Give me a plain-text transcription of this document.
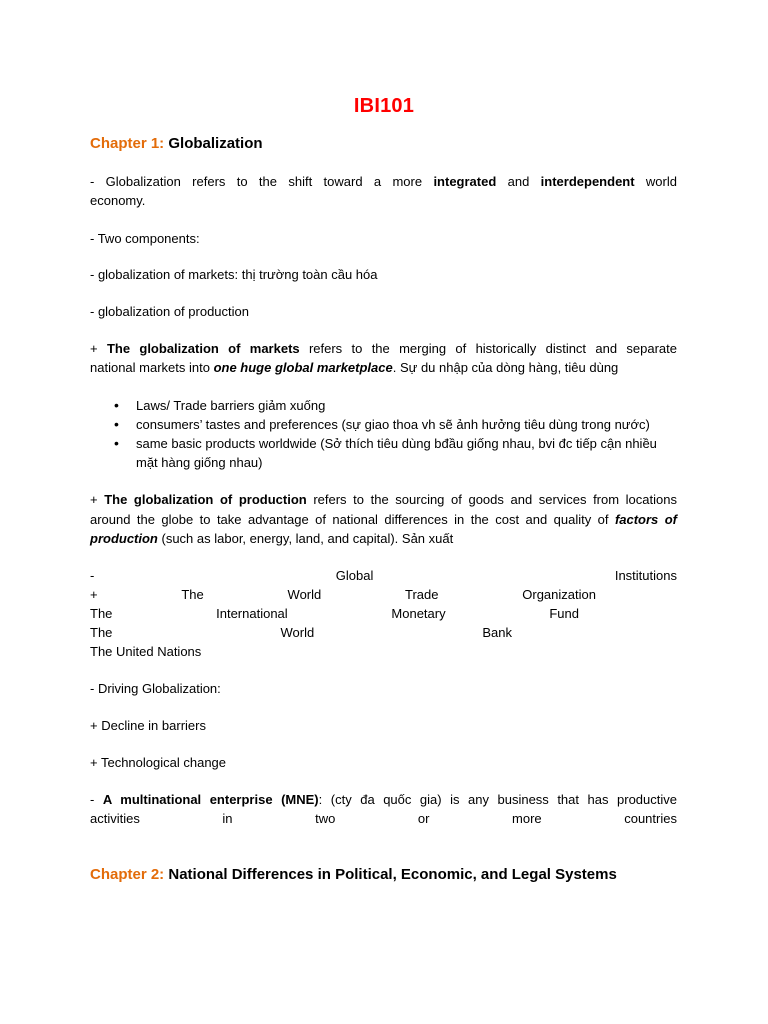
IBI101
Chapter 1: Globalization
- Globalization refers to the shift toward a more integrated and interdependent world
economy.
- Two components:
- globalization of markets: thị trường toàn cầu hóa
- globalization of production
+ The globalization of markets refers to the merging of historically distinct and separate
national markets into one huge global marketplace. Sự du nhập của dòng hàng, tiêu dùng
• Laws/ Trade barriers giảm xuống
• consumers’ tastes and preferences (sự giao thoa vh sẽ ảnh hưởng tiêu dùng trong nước)
• same basic products worldwide (Sở thích tiêu dùng bđầu giống nhau, bvi đc tiếp cận nhiều mặt hàng giống nhau)
+ The globalization of production refers to the sourcing of goods and services from locations
around the globe to take advantage of national differences in the cost and quality of factors of
production (such as labor, energy, land, and capital). Sản xuất
-	Global	Institutions
+	The	World	Trade	Organization
The	International	Monetary	Fund
The	World	Bank
The United Nations
- Driving Globalization:
+ Decline in barriers
+ Technological change
- A multinational enterprise (MNE): (cty đa quốc gia) is any business that has productive
activities	in	two	or	more	countries
Chapter 2: National Differences in Political, Economic, and Legal Systems
